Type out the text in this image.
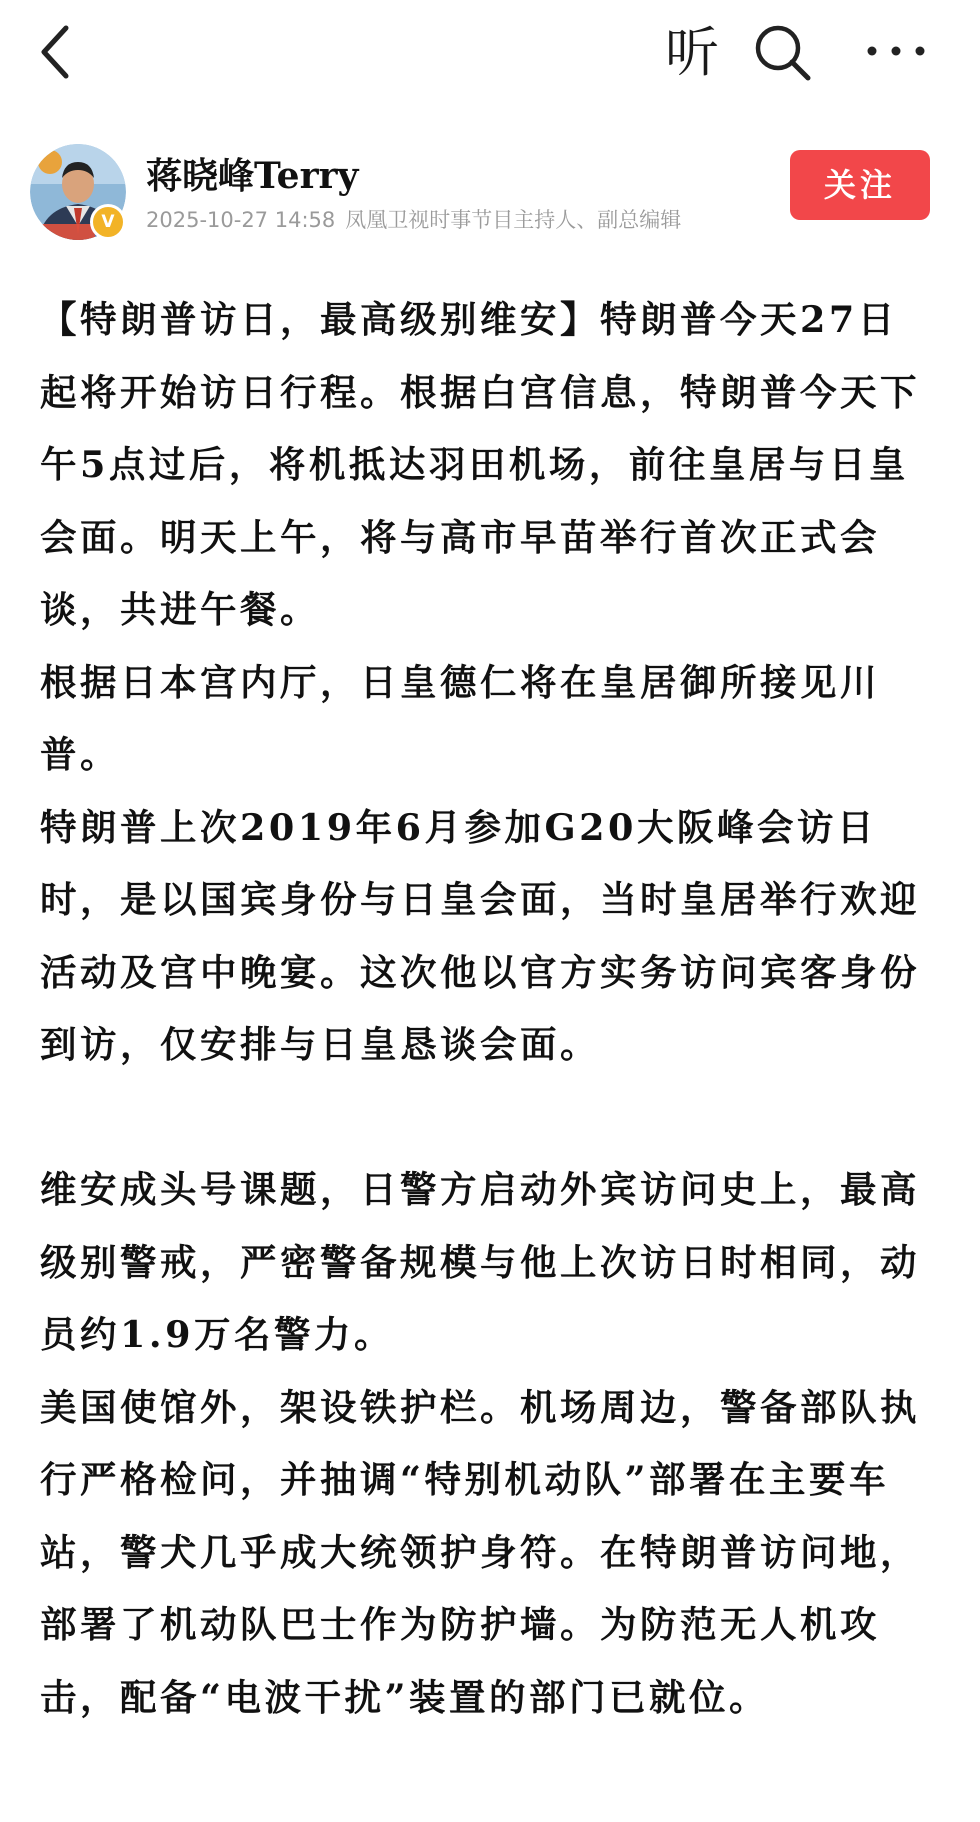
听
V
蒋晓峰Terry
2025-10-27 14:58 凤凰卫视时事节目主持人、副总编辑
关注

【特朗普访日，最高级别维安】特朗普今天27日起将开始访日行程。根据白宫信息，特朗普今天下午5点过后，将机抵达羽田机场，前往皇居与日皇会面。明天上午，将与高市早苗举行首次正式会谈，共进午餐。

根据日本宫内厅，日皇德仁将在皇居御所接见川普。

特朗普上次2019年6月参加G20大阪峰会访日时，是以国宾身份与日皇会面，当时皇居举行欢迎活动及宫中晚宴。这次他以官方实务访问宾客身份到访，仅安排与日皇恳谈会面。

维安成头号课题，日警方启动外宾访问史上，最高级别警戒，严密警备规模与他上次访日时相同，动员约1.9万名警力。

美国使馆外，架设铁护栏。机场周边，警备部队执行严格检问，并抽调“特别机动队”部署在主要车站，警犬几乎成大统领护身符。在特朗普访问地，部署了机动队巴士作为防护墙。为防范无人机攻击，配备“电波干扰”装置的部门已就位。
